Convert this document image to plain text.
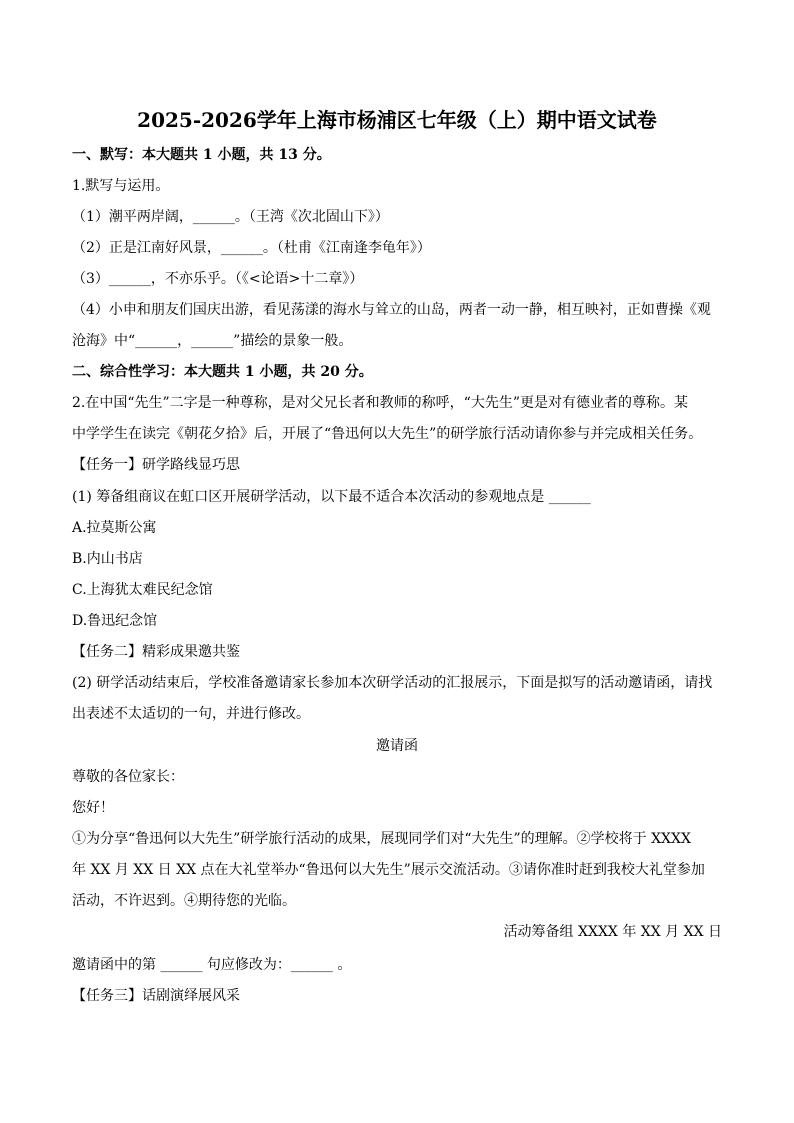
2025-2026学年上海市杨浦区七年级（上）期中语文试卷
一、默写：本大题共 1 小题，共 13 分。
1.默写与运用。
（1）潮平两岸阔，______。（王湾《次北固山下》）
（2）正是江南好风景，______。（杜甫《江南逢李龟年》）
（3）______，不亦乐乎。（《<论语>十二章》）
（4）小申和朋友们国庆出游，看见荡漾的海水与耸立的山岛，两者一动一静，相互映衬，正如曹操《观
沧海》中“______，______”描绘的景象一般。
二、综合性学习：本大题共 1 小题，共 20 分。
2.在中国“先生”二字是一种尊称，是对父兄长者和教师的称呼，“大先生”更是对有德业者的尊称。某
中学学生在读完《朝花夕拾》后，开展了“鲁迅何以大先生”的研学旅行活动请你参与并完成相关任务。
【任务一】研学路线显巧思
(1) 筹备组商议在虹口区开展研学活动，以下最不适合本次活动的参观地点是 ______
A.拉莫斯公寓
B.内山书店
C.上海犹太难民纪念馆
D.鲁迅纪念馆
【任务二】精彩成果邀共鉴
(2) 研学活动结束后，学校准备邀请家长参加本次研学活动的汇报展示，下面是拟写的活动邀请函，请找
出表述不太适切的一句，并进行修改。
邀请函
尊敬的各位家长：
您好！
①为分享“鲁迅何以大先生”研学旅行活动的成果，展现同学们对“大先生”的理解。②学校将于 XXXX
年 XX 月 XX 日 XX 点在大礼堂举办“鲁迅何以大先生”展示交流活动。③请你准时赶到我校大礼堂参加
活动，不许迟到。④期待您的光临。
活动筹备组 XXXX 年 XX 月 XX 日
邀请函中的第 ______ 句应修改为：______ 。
【任务三】话剧演绎展风采
